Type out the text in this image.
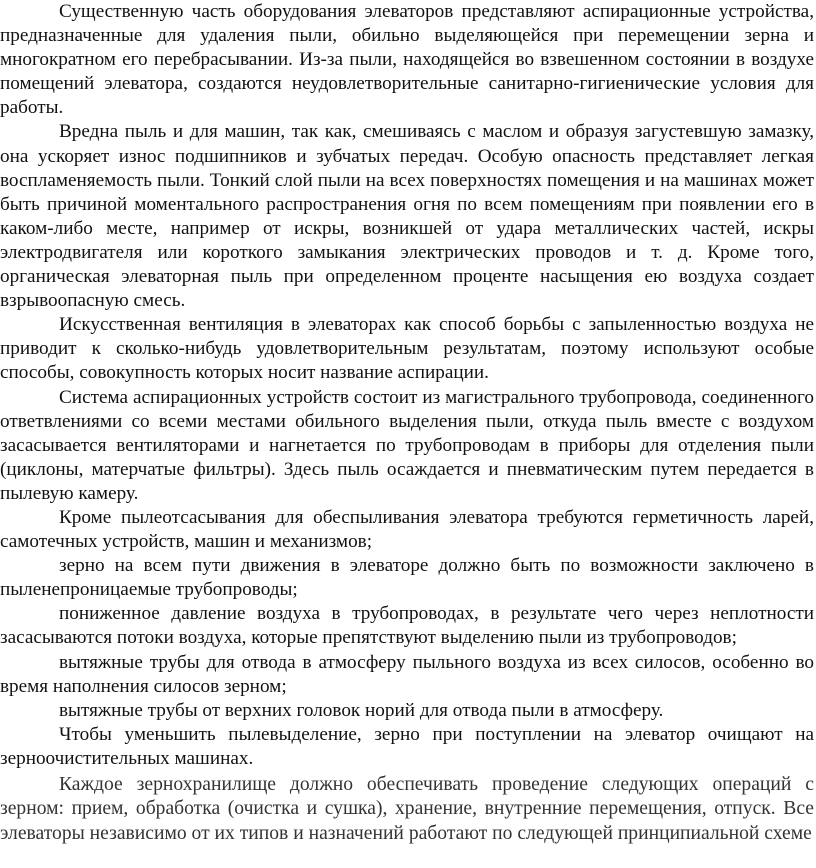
Существенную часть оборудования элеваторов представляют аспирационные устройства, предназначенные для удаления пыли, обильно выделяющейся при перемещении зерна и многократном его перебрасывании. Из-за пыли, находящейся во взвешенном состоянии в воздухе помещений элеватора, создаются неудовлетворительные санитарно-гигиенические условия для работы.

Вредна пыль и для машин, так как, смешиваясь с маслом и образуя загустевшую замазку, она ускоряет износ подшипников и зубчатых передач. Особую опасность представляет легкая воспламеняемость пыли. Тонкий слой пыли на всех поверхностях помещения и на машинах может быть причиной моментального распространения огня по всем помещениям при появлении его в каком-либо месте, например от искры, возникшей от удара металлических частей, искры электродвигателя или короткого замыкания электрических проводов и т. д. Кроме того, органическая элеваторная пыль при определенном проценте насыщения ею воздуха создает взрывоопасную смесь.

Искусственная вентиляция в элеваторах как способ борьбы с запыленностью воздуха не приводит к сколько-нибудь удовлетворительным результатам, поэтому используют особые способы, совокупность которых носит название аспирации.

Система аспирационных устройств состоит из магистрального трубопровода, соединенного ответвлениями со всеми местами обильного выделения пыли, откуда пыль вместе с воздухом засасывается вентиляторами и нагнетается по трубопроводам в приборы для отделения пыли (циклоны, матерчатые фильтры). Здесь пыль осаждается и пневматическим путем передается в пылевую камеру.

Кроме пылеотсасывания для обеспыливания элеватора требуются герметичность ларей, самотечных устройств, машин и механизмов;

зерно на всем пути движения в элеваторе должно быть по возможности заключено в пыленепроницаемые трубопроводы;

пониженное давление воздуха в трубопроводах, в результате чего через неплотности засасываются потоки воздуха, которые препятствуют выделению пыли из трубопроводов;

вытяжные трубы для отвода в атмосферу пыльного воздуха из всех силосов, особенно во время наполнения силосов зерном;

вытяжные трубы от верхних головок норий для отвода пыли в атмосферу.

Чтобы уменьшить пылевыделение, зерно при поступлении на элеватор очищают на зерноочистительных машинах.

Каждое зернохранилище должно обеспечивать проведение следующих операций с зерном: прием, обработка (очистка и сушка), хранение, внутренние перемещения, отпуск. Все элеваторы независимо от их типов и назначений работают по следующей принципиальной схеме
